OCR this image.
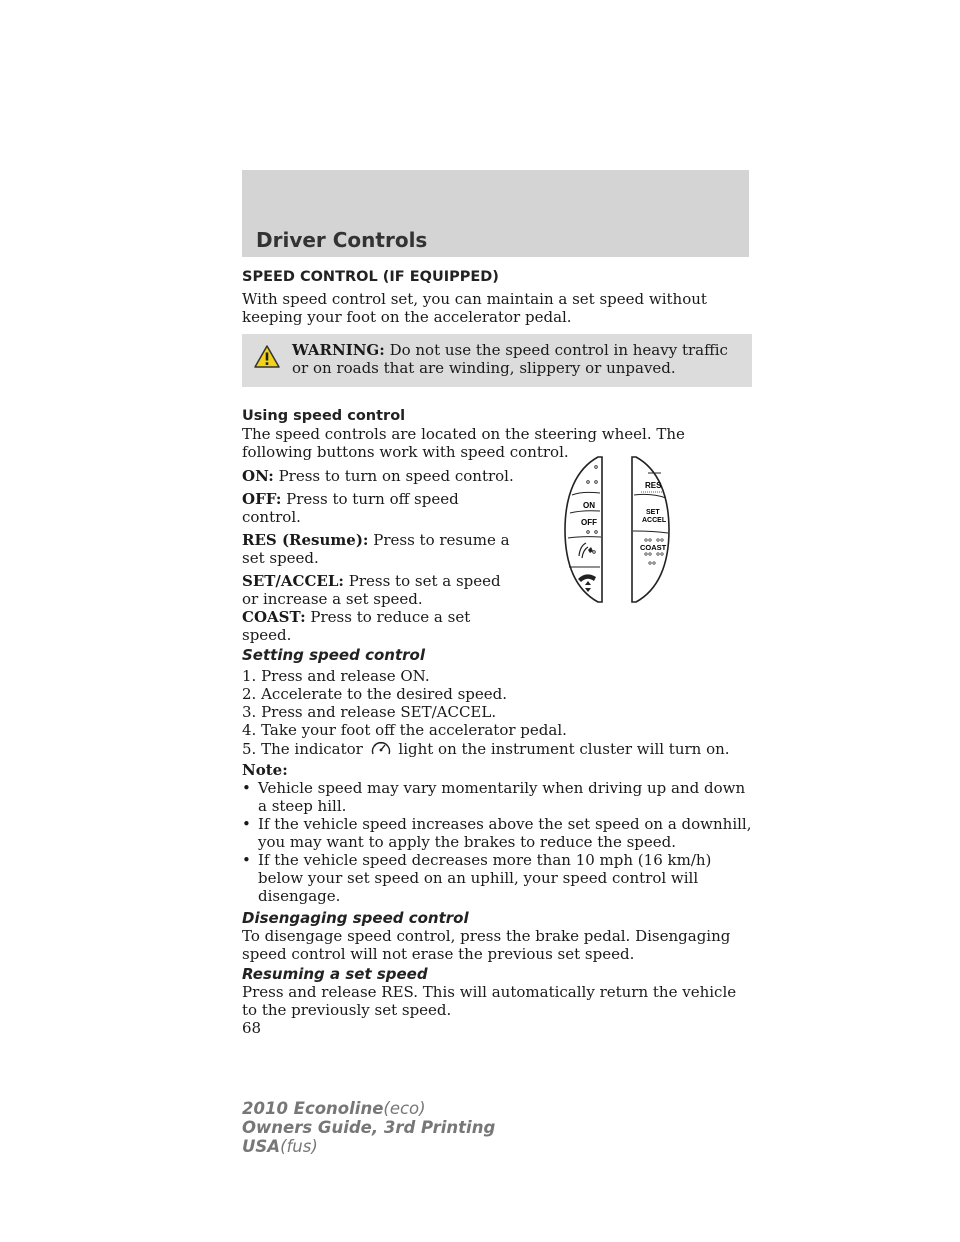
Driver Controls

SPEED CONTROL (IF EQUIPPED)

With speed control set, you can maintain a set speed without keeping your foot on the accelerator pedal.

WARNING: Do not use the speed control in heavy traffic or on roads that are winding, slippery or unpaved.

Using speed control

The speed controls are located on the steering wheel. The following buttons work with speed control.

ON: Press to turn on speed control.
OFF: Press to turn off speed control.
RES (Resume): Press to resume a set speed.
SET/ACCEL: Press to set a speed or increase a set speed.
COAST: Press to reduce a set speed.

Setting speed control

1. Press and release ON.

2. Accelerate to the desired speed.

3. Press and release SET/ACCEL.

4. Take your foot off the accelerator pedal.

5. The indicator light on the instrument cluster will turn on.

Note:

• Vehicle speed may vary momentarily when driving up and down a steep hill.
• If the vehicle speed increases above the set speed on a downhill, you may want to apply the brakes to reduce the speed.
• If the vehicle speed decreases more than 10 mph (16 km/h) below your set speed on an uphill, your speed control will disengage.

Disengaging speed control

To disengage speed control, press the brake pedal. Disengaging speed control will not erase the previous set speed.

Resuming a set speed

Press and release RES. This will automatically return the vehicle to the previously set speed.

68

ON
OFF
RES
SET
ACCEL
COAST
2010 Econoline(eco)
Owners Guide, 3rd Printing
USA(fus)
